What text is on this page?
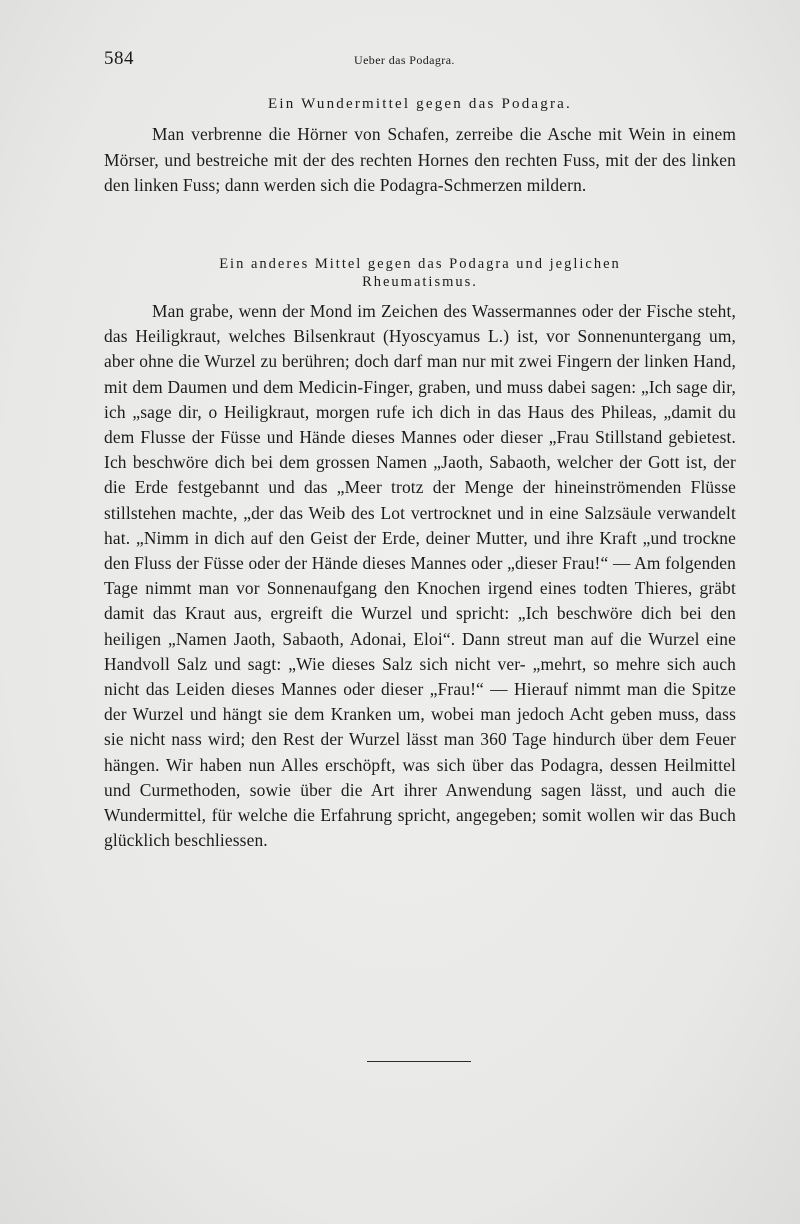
584	Ueber das Podagra.

Ein Wundermittel gegen das Podagra.

Man verbrenne die Hörner von Schafen, zerreibe die Asche mit Wein in einem Mörser, und bestreiche mit der des rechten Hornes den rechten Fuss, mit der des linken den linken Fuss; dann werden sich die Podagra-Schmerzen mildern.

Ein anderes Mittel gegen das Podagra und jeglichen

Rheumatismus.

Man grabe, wenn der Mond im Zeichen des Wassermannes oder der Fische steht, das Heiligkraut, welches Bilsenkraut (Hyoscyamus L.) ist, vor Sonnenuntergang um, aber ohne die Wurzel zu berühren; doch darf man nur mit zwei Fingern der linken Hand, mit dem Daumen und dem Medicin-Finger, graben, und muss dabei sagen: „Ich sage dir, ich „sage dir, o Heiligkraut, morgen rufe ich dich in das Haus des Phileas, „damit du dem Flusse der Füsse und Hände dieses Mannes oder dieser „Frau Stillstand gebietest. Ich beschwöre dich bei dem grossen Namen „Jaoth, Sabaoth, welcher der Gott ist, der die Erde festgebannt und das „Meer trotz der Menge der hineinströmenden Flüsse stillstehen machte, „der das Weib des Lot vertrocknet und in eine Salzsäule verwandelt hat. „Nimm in dich auf den Geist der Erde, deiner Mutter, und ihre Kraft „und trockne den Fluss der Füsse oder der Hände dieses Mannes oder „dieser Frau!“ — Am folgenden Tage nimmt man vor Sonnenaufgang den Knochen irgend eines todten Thieres, gräbt damit das Kraut aus, ergreift die Wurzel und spricht: „Ich beschwöre dich bei den heiligen „Namen Jaoth, Sabaoth, Adonai, Eloi“. Dann streut man auf die Wurzel eine Handvoll Salz und sagt: „Wie dieses Salz sich nicht ver- „mehrt, so mehre sich auch nicht das Leiden dieses Mannes oder dieser „Frau!“ — Hierauf nimmt man die Spitze der Wurzel und hängt sie dem Kranken um, wobei man jedoch Acht geben muss, dass sie nicht nass wird; den Rest der Wurzel lässt man 360 Tage hindurch über dem Feuer hängen. Wir haben nun Alles erschöpft, was sich über das Podagra, dessen Heilmittel und Curmethoden, sowie über die Art ihrer Anwendung sagen lässt, und auch die Wundermittel, für welche die Erfahrung spricht, angegeben; somit wollen wir das Buch glücklich beschliessen.
